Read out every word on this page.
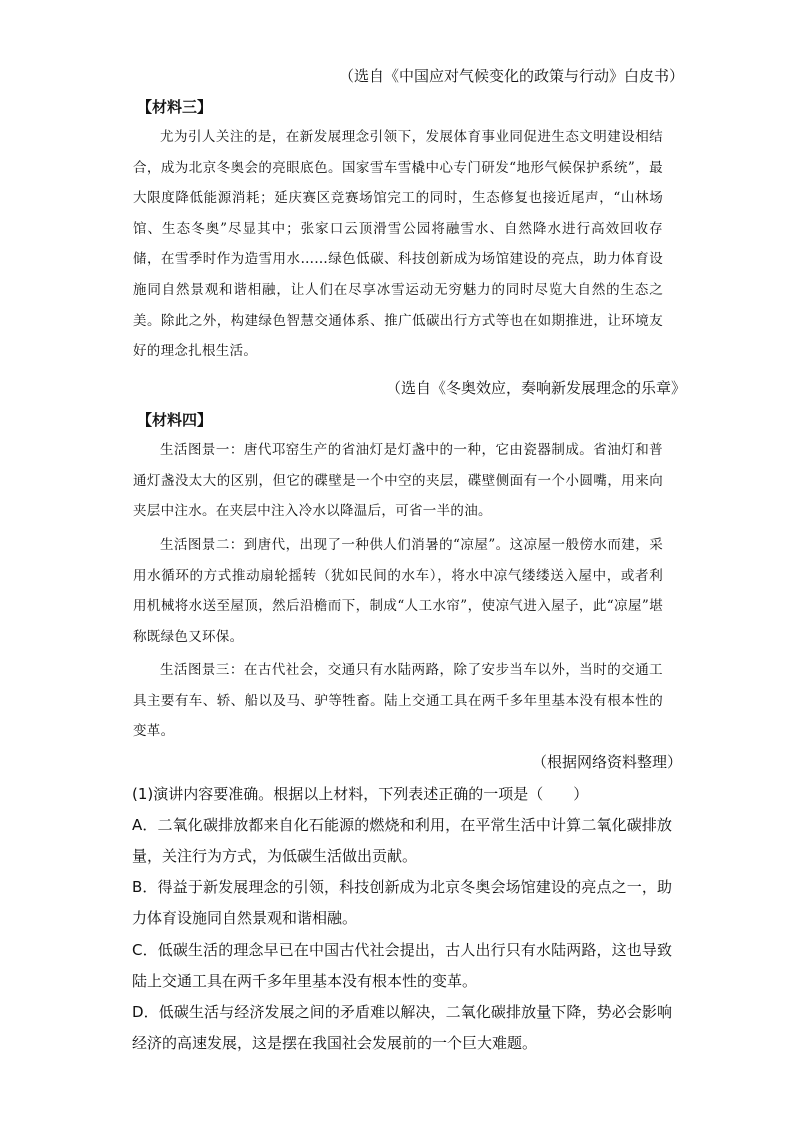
（选自《中国应对气候变化的政策与行动》白皮书）
【材料三】
尤为引人关注的是，在新发展理念引领下，发展体育事业同促进生态文明建设相结合，成为北京冬奥会的亮眼底色。国家雪车雪橇中心专门研发“地形气候保护系统”，最大限度降低能源消耗；延庆赛区竞赛场馆完工的同时，生态修复也接近尾声，“山林场馆、生态冬奥”尽显其中；张家口云顶滑雪公园将融雪水、自然降水进行高效回收存储，在雪季时作为造雪用水……绿色低碳、科技创新成为场馆建设的亮点，助力体育设施同自然景观和谐相融，让人们在尽享冰雪运动无穷魅力的同时尽览大自然的生态之美。除此之外，构建绿色智慧交通体系、推广低碳出行方式等也在如期推进，让环境友好的理念扎根生活。
（选自《冬奥效应，奏响新发展理念的乐章》
【材料四】
生活图景一：唐代邛窑生产的省油灯是灯盏中的一种，它由瓷器制成。省油灯和普通灯盏没太大的区别，但它的碟壁是一个中空的夹层，碟壁侧面有一个小圆嘴，用来向夹层中注水。在夹层中注入冷水以降温后，可省一半的油。
生活图景二：到唐代，出现了一种供人们消暑的“凉屋”。这凉屋一般傍水而建，采用水循环的方式推动扇轮摇转（犹如民间的水车），将水中凉气缕缕送入屋中，或者利用机械将水送至屋顶，然后沿檐而下，制成“人工水帘”，使凉气进入屋子，此“凉屋”堪称既绿色又环保。
生活图景三：在古代社会，交通只有水陆两路，除了安步当车以外，当时的交通工具主要有车、轿、船以及马、驴等牲畜。陆上交通工具在两千多年里基本没有根本性的变革。
（根据网络资料整理）
(1)演讲内容要准确。根据以上材料，下列表述正确的一项是（　　）
A．二氧化碳排放都来自化石能源的燃烧和利用，在平常生活中计算二氧化碳排放量，关注行为方式，为低碳生活做出贡献。
B．得益于新发展理念的引领，科技创新成为北京冬奥会场馆建设的亮点之一，助力体育设施同自然景观和谐相融。
C．低碳生活的理念早已在中国古代社会提出，古人出行只有水陆两路，这也导致陆上交通工具在两千多年里基本没有根本性的变革。
D．低碳生活与经济发展之间的矛盾难以解决，二氧化碳排放量下降，势必会影响经济的高速发展，这是摆在我国社会发展前的一个巨大难题。
